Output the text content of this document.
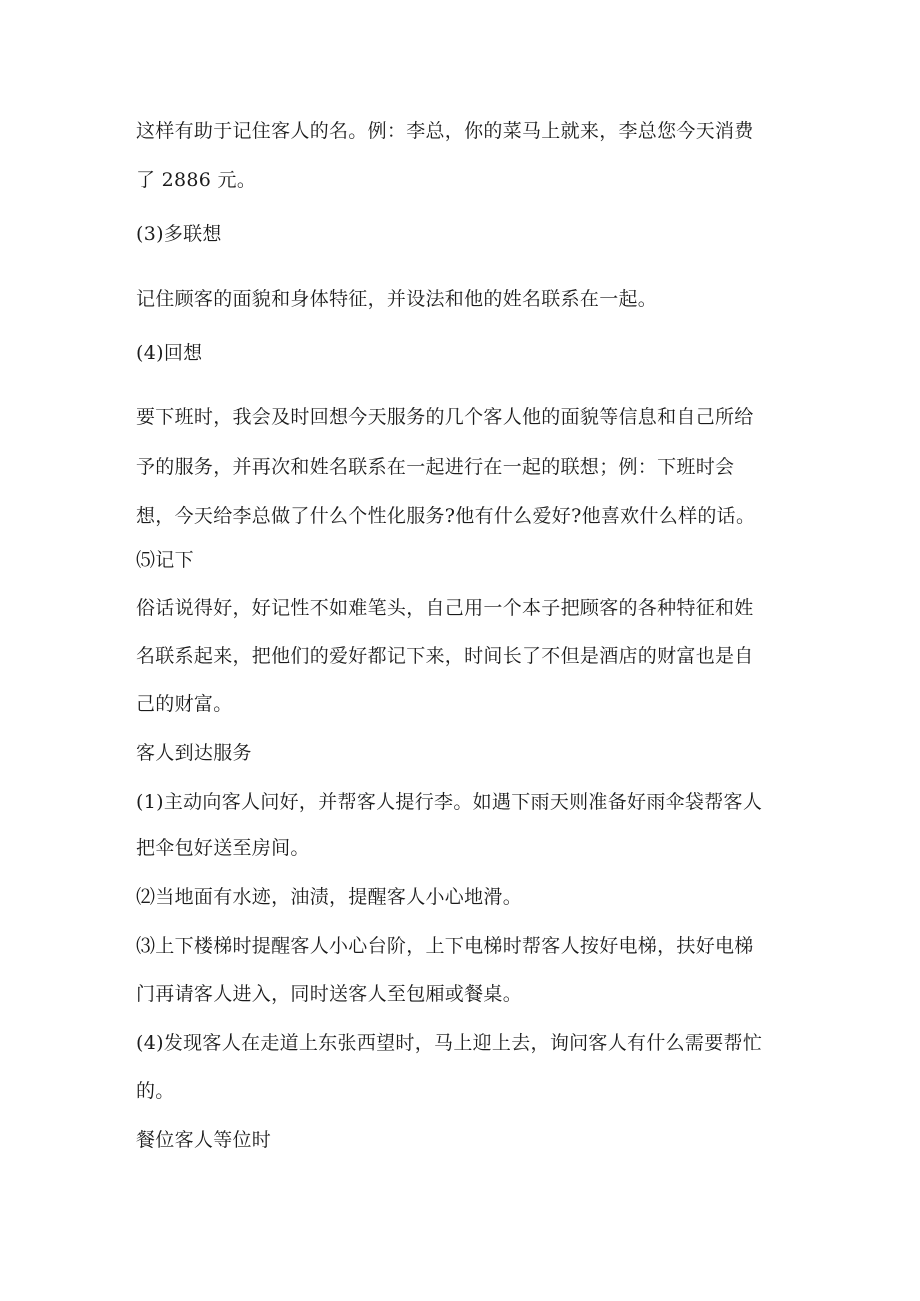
这样有助于记住客人的名。例：李总，你的菜马上就来，李总您今天消费
了 2886 元。
(3)多联想
记住顾客的面貌和身体特征，并设法和他的姓名联系在一起。
(4)回想
要下班时，我会及时回想今天服务的几个客人他的面貌等信息和自己所给
予的服务，并再次和姓名联系在一起进行在一起的联想；例：下班时会
想，今天给李总做了什么个性化服务?他有什么爱好?他喜欢什么样的话。
⑸记下
俗话说得好，好记性不如难笔头，自己用一个本子把顾客的各种特征和姓
名联系起来，把他们的爱好都记下来，时间长了不但是酒店的财富也是自
己的财富。
客人到达服务
(1)主动向客人问好，并帮客人提行李。如遇下雨天则准备好雨伞袋帮客人
把伞包好送至房间。
⑵当地面有水迹，油渍，提醒客人小心地滑。
⑶上下楼梯时提醒客人小心台阶，上下电梯时帮客人按好电梯，扶好电梯
门再请客人进入，同时送客人至包厢或餐桌。
(4)发现客人在走道上东张西望时，马上迎上去，询问客人有什么需要帮忙
的。
餐位客人等位时
